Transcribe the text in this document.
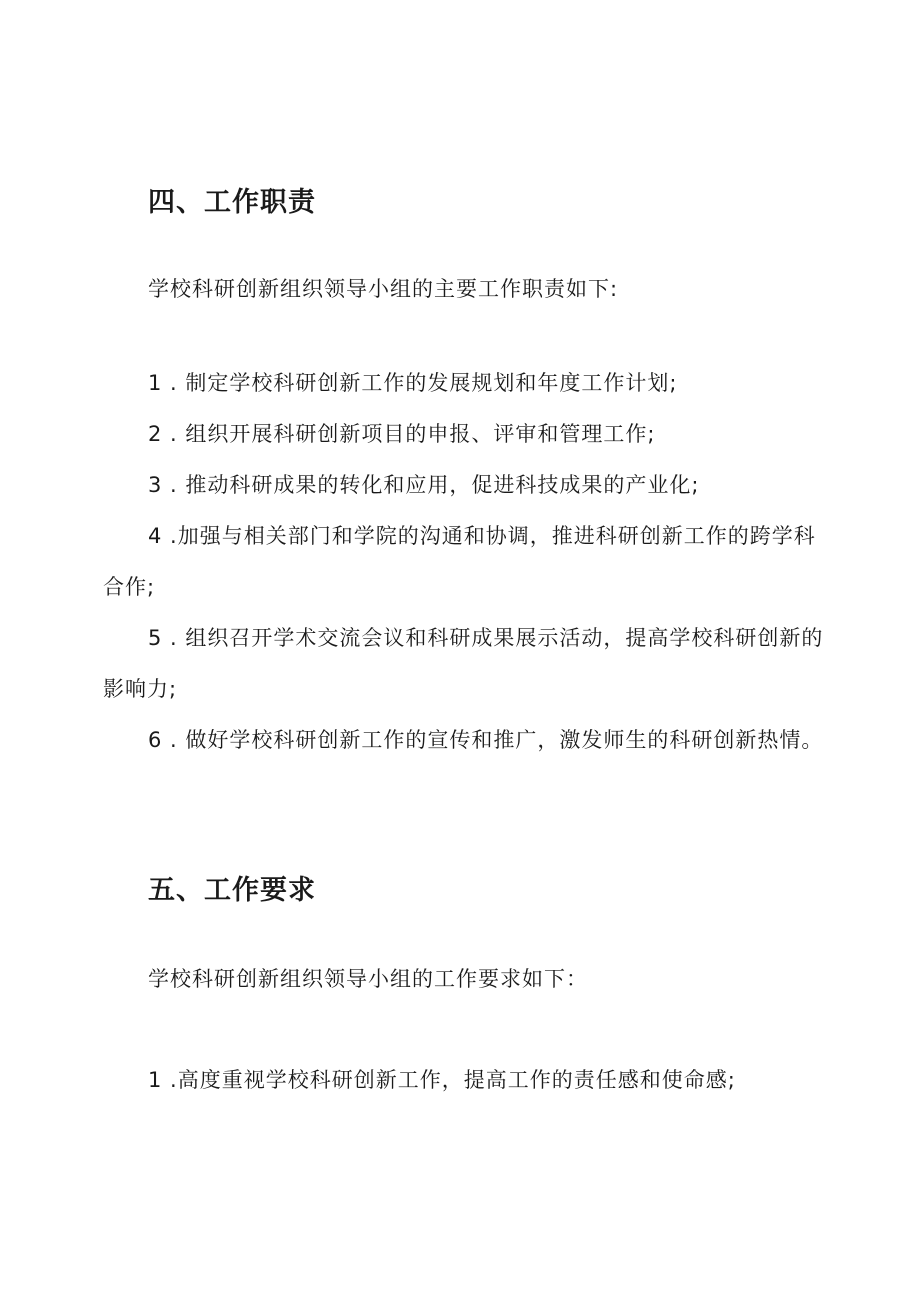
四、工作职责
学校科研创新组织领导小组的主要工作职责如下:

1 . 制定学校科研创新工作的发展规划和年度工作计划;

2 . 组织开展科研创新项目的申报、评审和管理工作;

3 . 推动科研成果的转化和应用，促进科技成果的产业化;

4 .加强与相关部门和学院的沟通和协调，推进科研创新工作的跨学科合作;

5 . 组织召开学术交流会议和科研成果展示活动，提高学校科研创新的影响力;

6 . 做好学校科研创新工作的宣传和推广，激发师生的科研创新热情。

五、工作要求
学校科研创新组织领导小组的工作要求如下：

1 .高度重视学校科研创新工作，提高工作的责任感和使命感;
